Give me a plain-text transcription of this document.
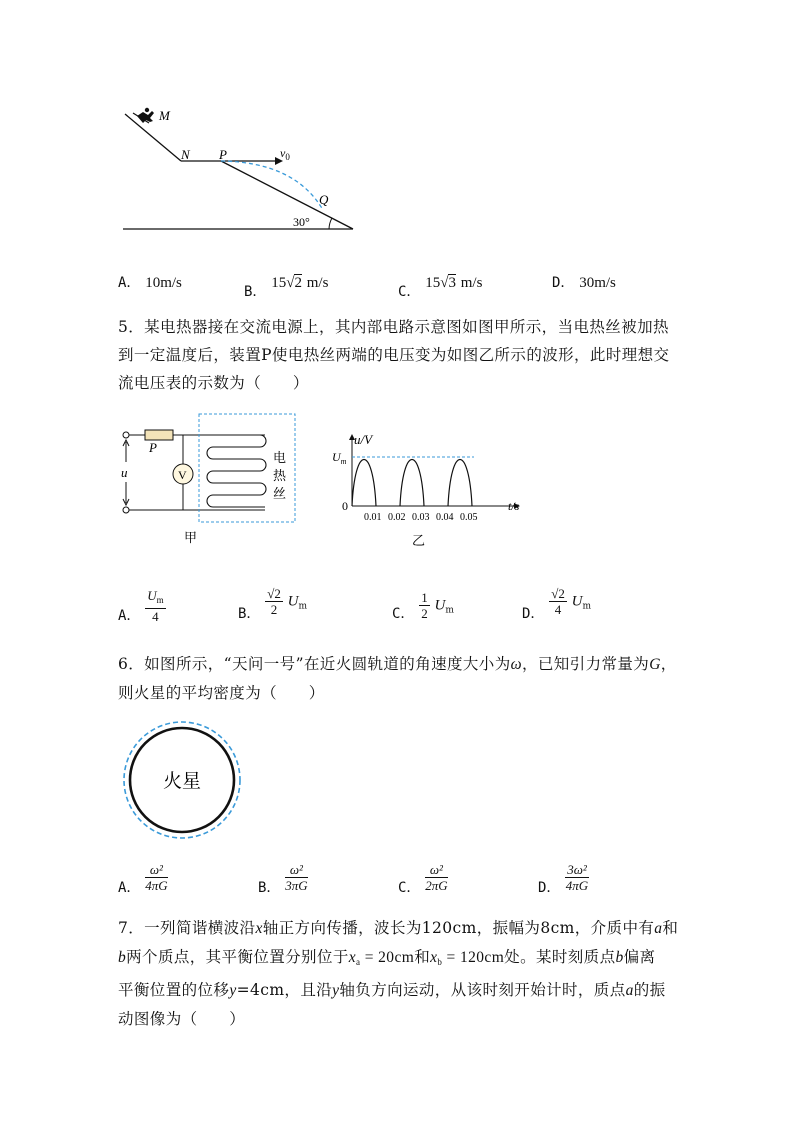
M
N P	$v_0$
Q
30°
A． 10m/s
B． 15√2 m/s
C． 15√3 m/s	D． 30m/s
5．某电热器接在交流电源上，其内部电路示意图如图甲所示，当电热丝被加热到一定温度后，装置P使电热丝两端的电压变为如图乙所示的波形，此时理想交流电压表的示数为（　　）
P
u	V
电
热
丝
甲
u/V
$U_m$
0	t/s
0.01 0.02 0.03 0.04 0.05
乙
A． $\frac{U_m}{4}$	B． $\frac{√2}{2} U_m$	C． $\frac{1}{2} U_m$	D． $\frac{√2}{4} U_m$
6．如图所示，“天问一号”在近火圆轨道的角速度大小为ω，已知引力常量为G，则火星的平均密度为（　　）
火星
A． $\frac{\text{ω²}}{4\pi G}$	B． $\frac{\text{ω²}}{3\pi G}$	C． $\frac{\text{ω²}}{2\pi G}$	D． $\frac{\text{3ω²}}{4\pi G}$
7．一列简谐横波沿x轴正方向传播，波长为120cm，振幅为8cm，介质中有a和
b两个质点，其平衡位置分别位于$x_a = 20cm$和$x_b = 120cm$处。某时刻质点b偏离
平衡位置的位移y=4cm，且沿y轴负方向运动，从该时刻开始计时，质点a的振
动图像为（　　）
